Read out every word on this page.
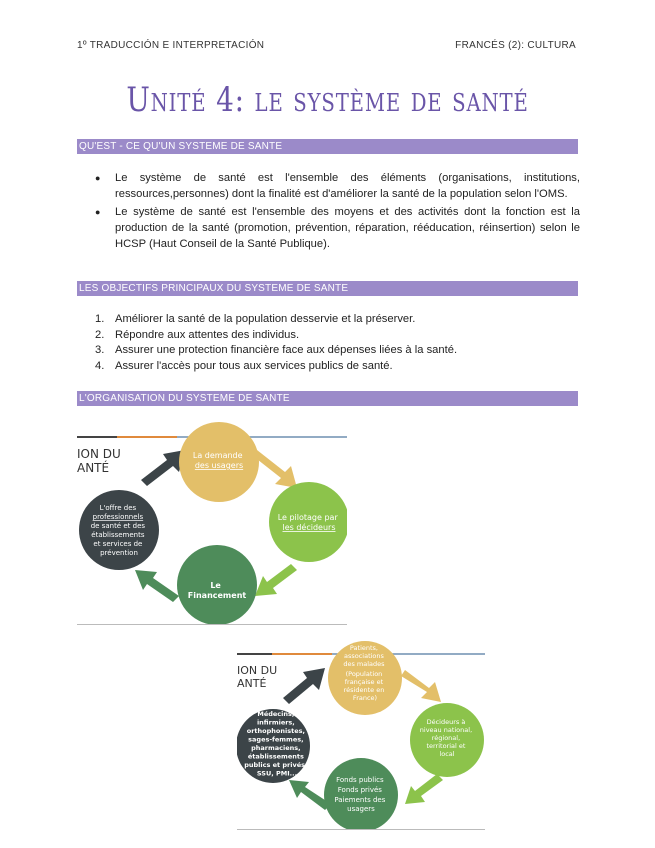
1º TRADUCCIÓN E INTERPRETACIÓN	FRANCÉS (2): CULTURA
Unité 4: le système de santé
QU'EST - CE QU'UN SYSTEME DE SANTE
● Le système de santé est l'ensemble des éléments (organisations, institutions, ressources,personnes) dont la finalité est d'améliorer la santé de la population selon l'OMS.
● Le système de santé est l'ensemble des moyens et des activités dont la fonction est la production de la santé (promotion, prévention, réparation, rééducation, réinsertion) selon le HCSP (Haut Conseil de la Santé Publique).
LES OBJECTIFS PRINCIPAUX DU SYSTEME DE SANTE
1. Améliorer la santé de la population desservie et la préserver.
2. Répondre aux attentes des individus.
3. Assurer une protection financière face aux dépenses liées à la santé.
4. Assurer l'accès pour tous aux services publics de santé.
L'ORGANISATION DU SYSTEME DE SANTE
ION DU ANTÉ
La demande des usagers
Le pilotage par les décideurs
Le Financement
L'offre des professionnels de santé et des établissements et services de prévention
ION DU ANTÉ
Patients, associations des malades (Population française et résidente en France)
Décideurs à niveau national, régional, territorial et local
Fonds publics Fonds privés Paiements des usagers
Médecins, infirmiers, orthophonistes, sages-femmes, pharmaciens, établissements publics et privés, SSU, PMI...
